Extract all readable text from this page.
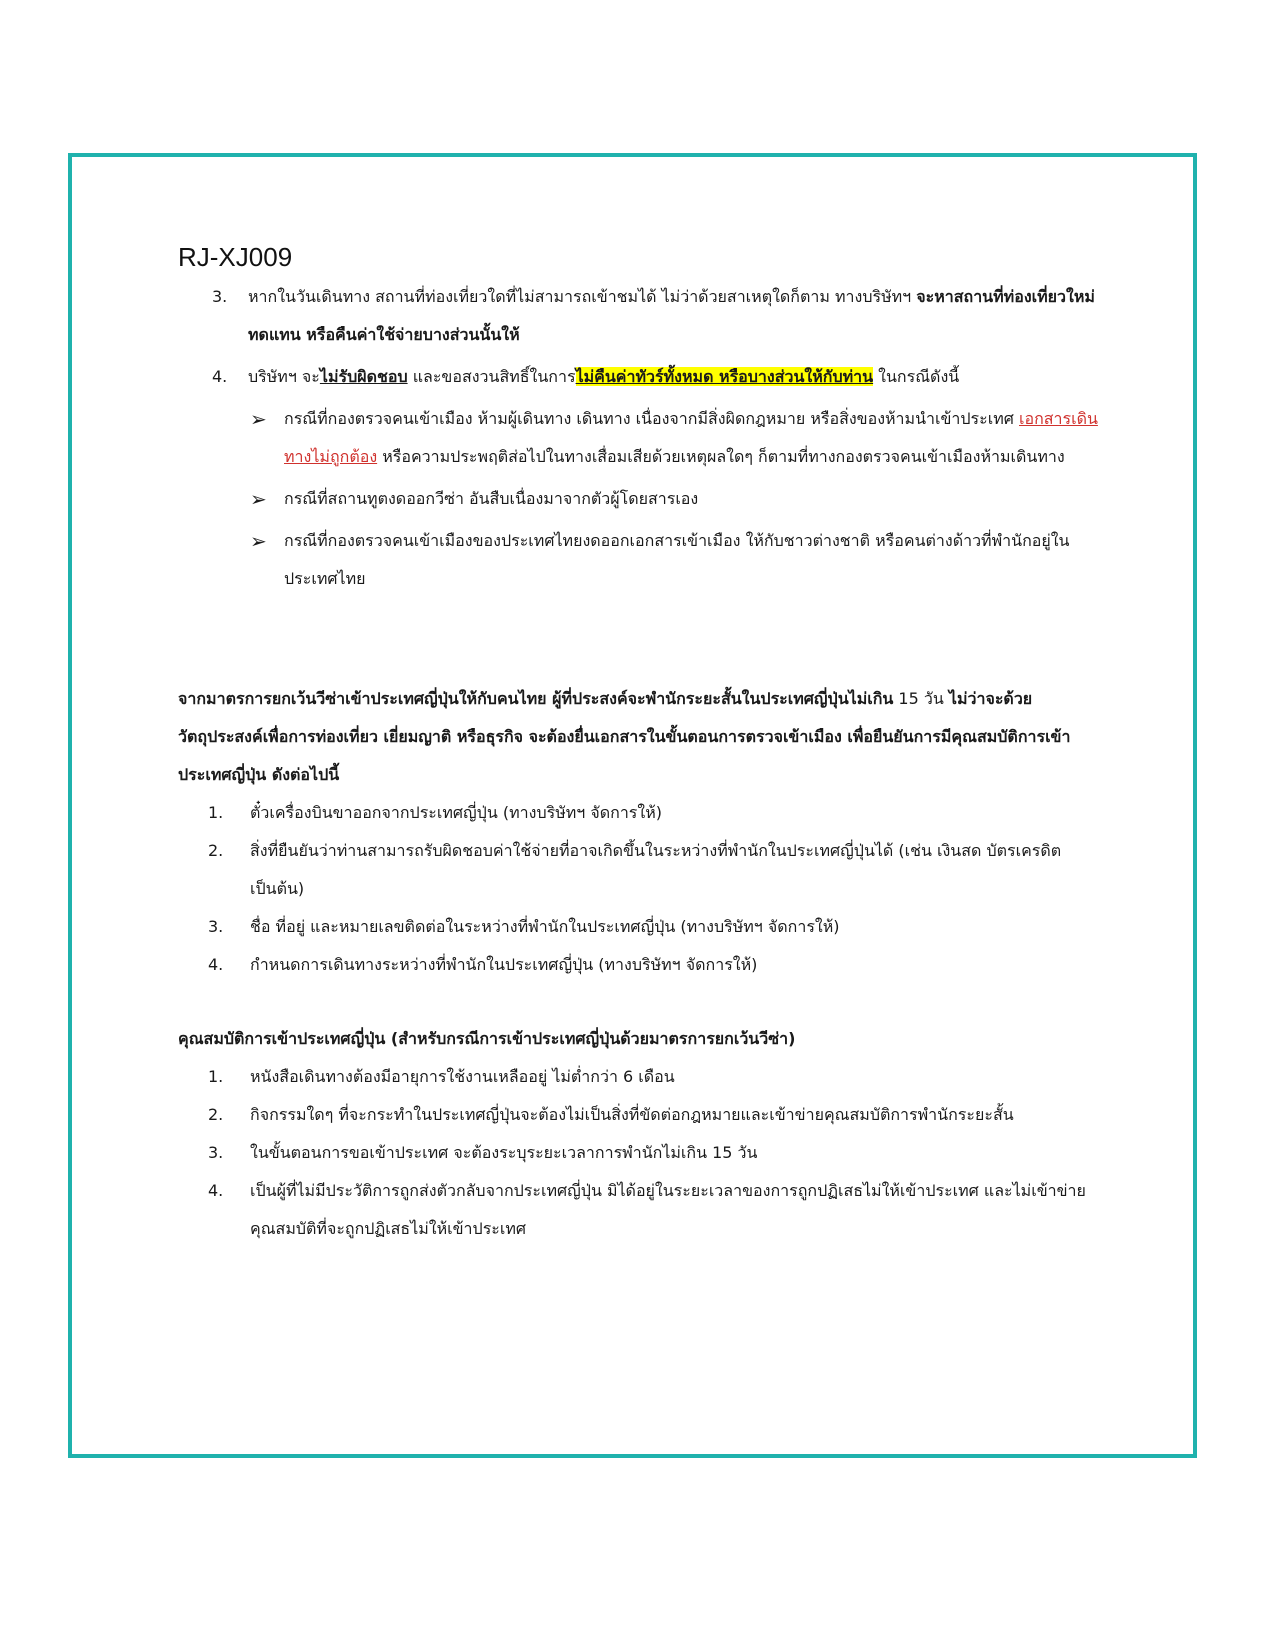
RJ-XJ009
3. หากในวันเดินทาง สถานที่ท่องเที่ยวใดที่ไม่สามารถเข้าชมได้ ไม่ว่าด้วยสาเหตุใดก็ตาม ทางบริษัทฯ จะหาสถานที่ท่องเที่ยวใหม่ทดแทน หรือคืนค่าใช้จ่ายบางส่วนนั้นให้
4. บริษัทฯ จะไม่รับผิดชอบ และขอสงวนสิทธิ์ในการไม่คืนค่าทัวร์ทั้งหมด หรือบางส่วนให้กับท่าน ในกรณีดังนี้
➢ กรณีที่กองตรวจคนเข้าเมือง ห้ามผู้เดินทาง เดินทาง เนื่องจากมีสิ่งผิดกฎหมาย หรือสิ่งของห้ามนำเข้าประเทศ เอกสารเดินทางไม่ถูกต้อง หรือความประพฤติส่อไปในทางเสื่อมเสียด้วยเหตุผลใดๆ ก็ตามที่ทางกองตรวจคนเข้าเมืองห้ามเดินทาง
➢ กรณีที่สถานทูตงดออกวีซ่า อันสืบเนื่องมาจากตัวผู้โดยสารเอง
➢ กรณีที่กองตรวจคนเข้าเมืองของประเทศไทยงดออกเอกสารเข้าเมือง ให้กับชาวต่างชาติ หรือคนต่างด้าวที่พำนักอยู่ในประเทศไทย
จากมาตรการยกเว้นวีซ่าเข้าประเทศญี่ปุ่นให้กับคนไทย ผู้ที่ประสงค์จะพำนักระยะสั้นในประเทศญี่ปุ่นไม่เกิน 15 วัน ไม่ว่าจะด้วยวัตถุประสงค์เพื่อการท่องเที่ยว เยี่ยมญาติ หรือธุรกิจ จะต้องยื่นเอกสารในขั้นตอนการตรวจเข้าเมือง เพื่อยืนยันการมีคุณสมบัติการเข้าประเทศญี่ปุ่น ดังต่อไปนี้
1. ตั๋วเครื่องบินขาออกจากประเทศญี่ปุ่น (ทางบริษัทฯ จัดการให้)
2. สิ่งที่ยืนยันว่าท่านสามารถรับผิดชอบค่าใช้จ่ายที่อาจเกิดขึ้นในระหว่างที่พำนักในประเทศญี่ปุ่นได้ (เช่น เงินสด บัตรเครดิต เป็นต้น)
3. ชื่อ ที่อยู่ และหมายเลขติดต่อในระหว่างที่พำนักในประเทศญี่ปุ่น (ทางบริษัทฯ จัดการให้)
4. กำหนดการเดินทางระหว่างที่พำนักในประเทศญี่ปุ่น (ทางบริษัทฯ จัดการให้)
คุณสมบัติการเข้าประเทศญี่ปุ่น (สำหรับกรณีการเข้าประเทศญี่ปุ่นด้วยมาตรการยกเว้นวีซ่า)
1. หนังสือเดินทางต้องมีอายุการใช้งานเหลืออยู่ ไม่ต่ำกว่า 6 เดือน
2. กิจกรรมใดๆ ที่จะกระทำในประเทศญี่ปุ่นจะต้องไม่เป็นสิ่งที่ขัดต่อกฎหมายและเข้าข่ายคุณสมบัติการพำนักระยะสั้น
3. ในขั้นตอนการขอเข้าประเทศ จะต้องระบุระยะเวลาการพำนักไม่เกิน 15 วัน
4. เป็นผู้ที่ไม่มีประวัติการถูกส่งตัวกลับจากประเทศญี่ปุ่น มิได้อยู่ในระยะเวลาของการถูกปฏิเสธไม่ให้เข้าประเทศ และไม่เข้าข่ายคุณสมบัติที่จะถูกปฏิเสธไม่ให้เข้าประเทศ
